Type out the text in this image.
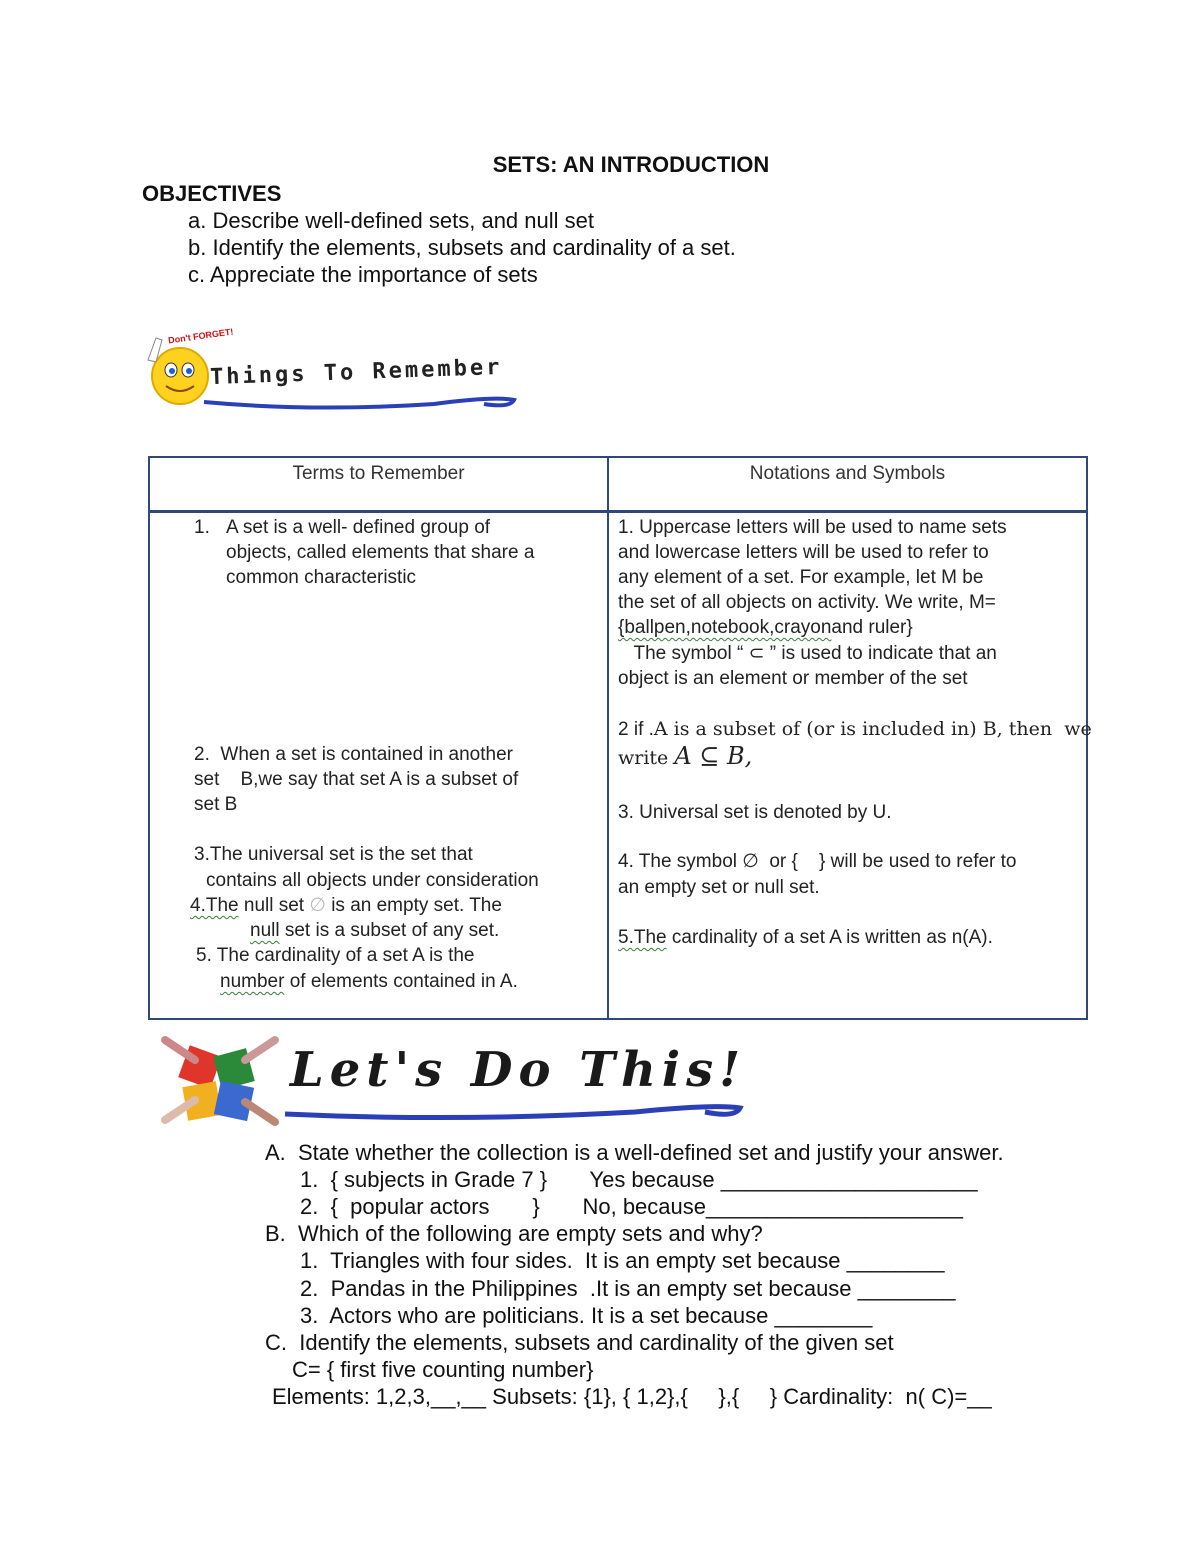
SETS: AN INTRODUCTION
OBJECTIVES
a. Describe well-defined sets, and null set
b. Identify the elements, subsets and cardinality of a set.
c. Appreciate the importance of sets
Don't FORGET!
Things To Remember
Terms to Remember	Notations and Symbols
1. A set is a well- defined group of
objects, called elements that share a
common characteristic
2.  When a set is contained in another
set    B,we say that set A is a subset of
set B
3.The universal set is the set that
contains all objects under consideration
4.The null set ∅ is an empty set. The
null set is a subset of any set.
5. The cardinality of a set A is the
number of elements contained in A.
1. Uppercase letters will be used to name sets
and lowercase letters will be used to refer to
any element of a set. For example, let M be
the set of all objects on activity. We write, M=
{ballpen,notebook,crayonand ruler}
The symbol “ ⊂ ” is used to indicate that an
object is an element or member of the set
2 if .A is a subset of (or is included in) B, then  we
write A ⊆ B,
3. Universal set is denoted by U.
4. The symbol ∅  or {    } will be used to refer to
an empty set or null set.
5.The cardinality of a set A is written as n(A).
Let's Do This!
A.  State whether the collection is a well-defined set and justify your answer.
1.  { subjects in Grade 7 }       Yes because _____________________
2.  {  popular actors       }       No, because_____________________
B.  Which of the following are empty sets and why?
1.  Triangles with four sides.  It is an empty set because ________
2.  Pandas in the Philippines  .It is an empty set because ________
3.  Actors who are politicians. It is a set because ________
C.  Identify the elements, subsets and cardinality of the given set
C= { first five counting number}
Elements: 1,2,3,__,__ Subsets: {1}, { 1,2},{     },{     } Cardinality:  n( C)=__
